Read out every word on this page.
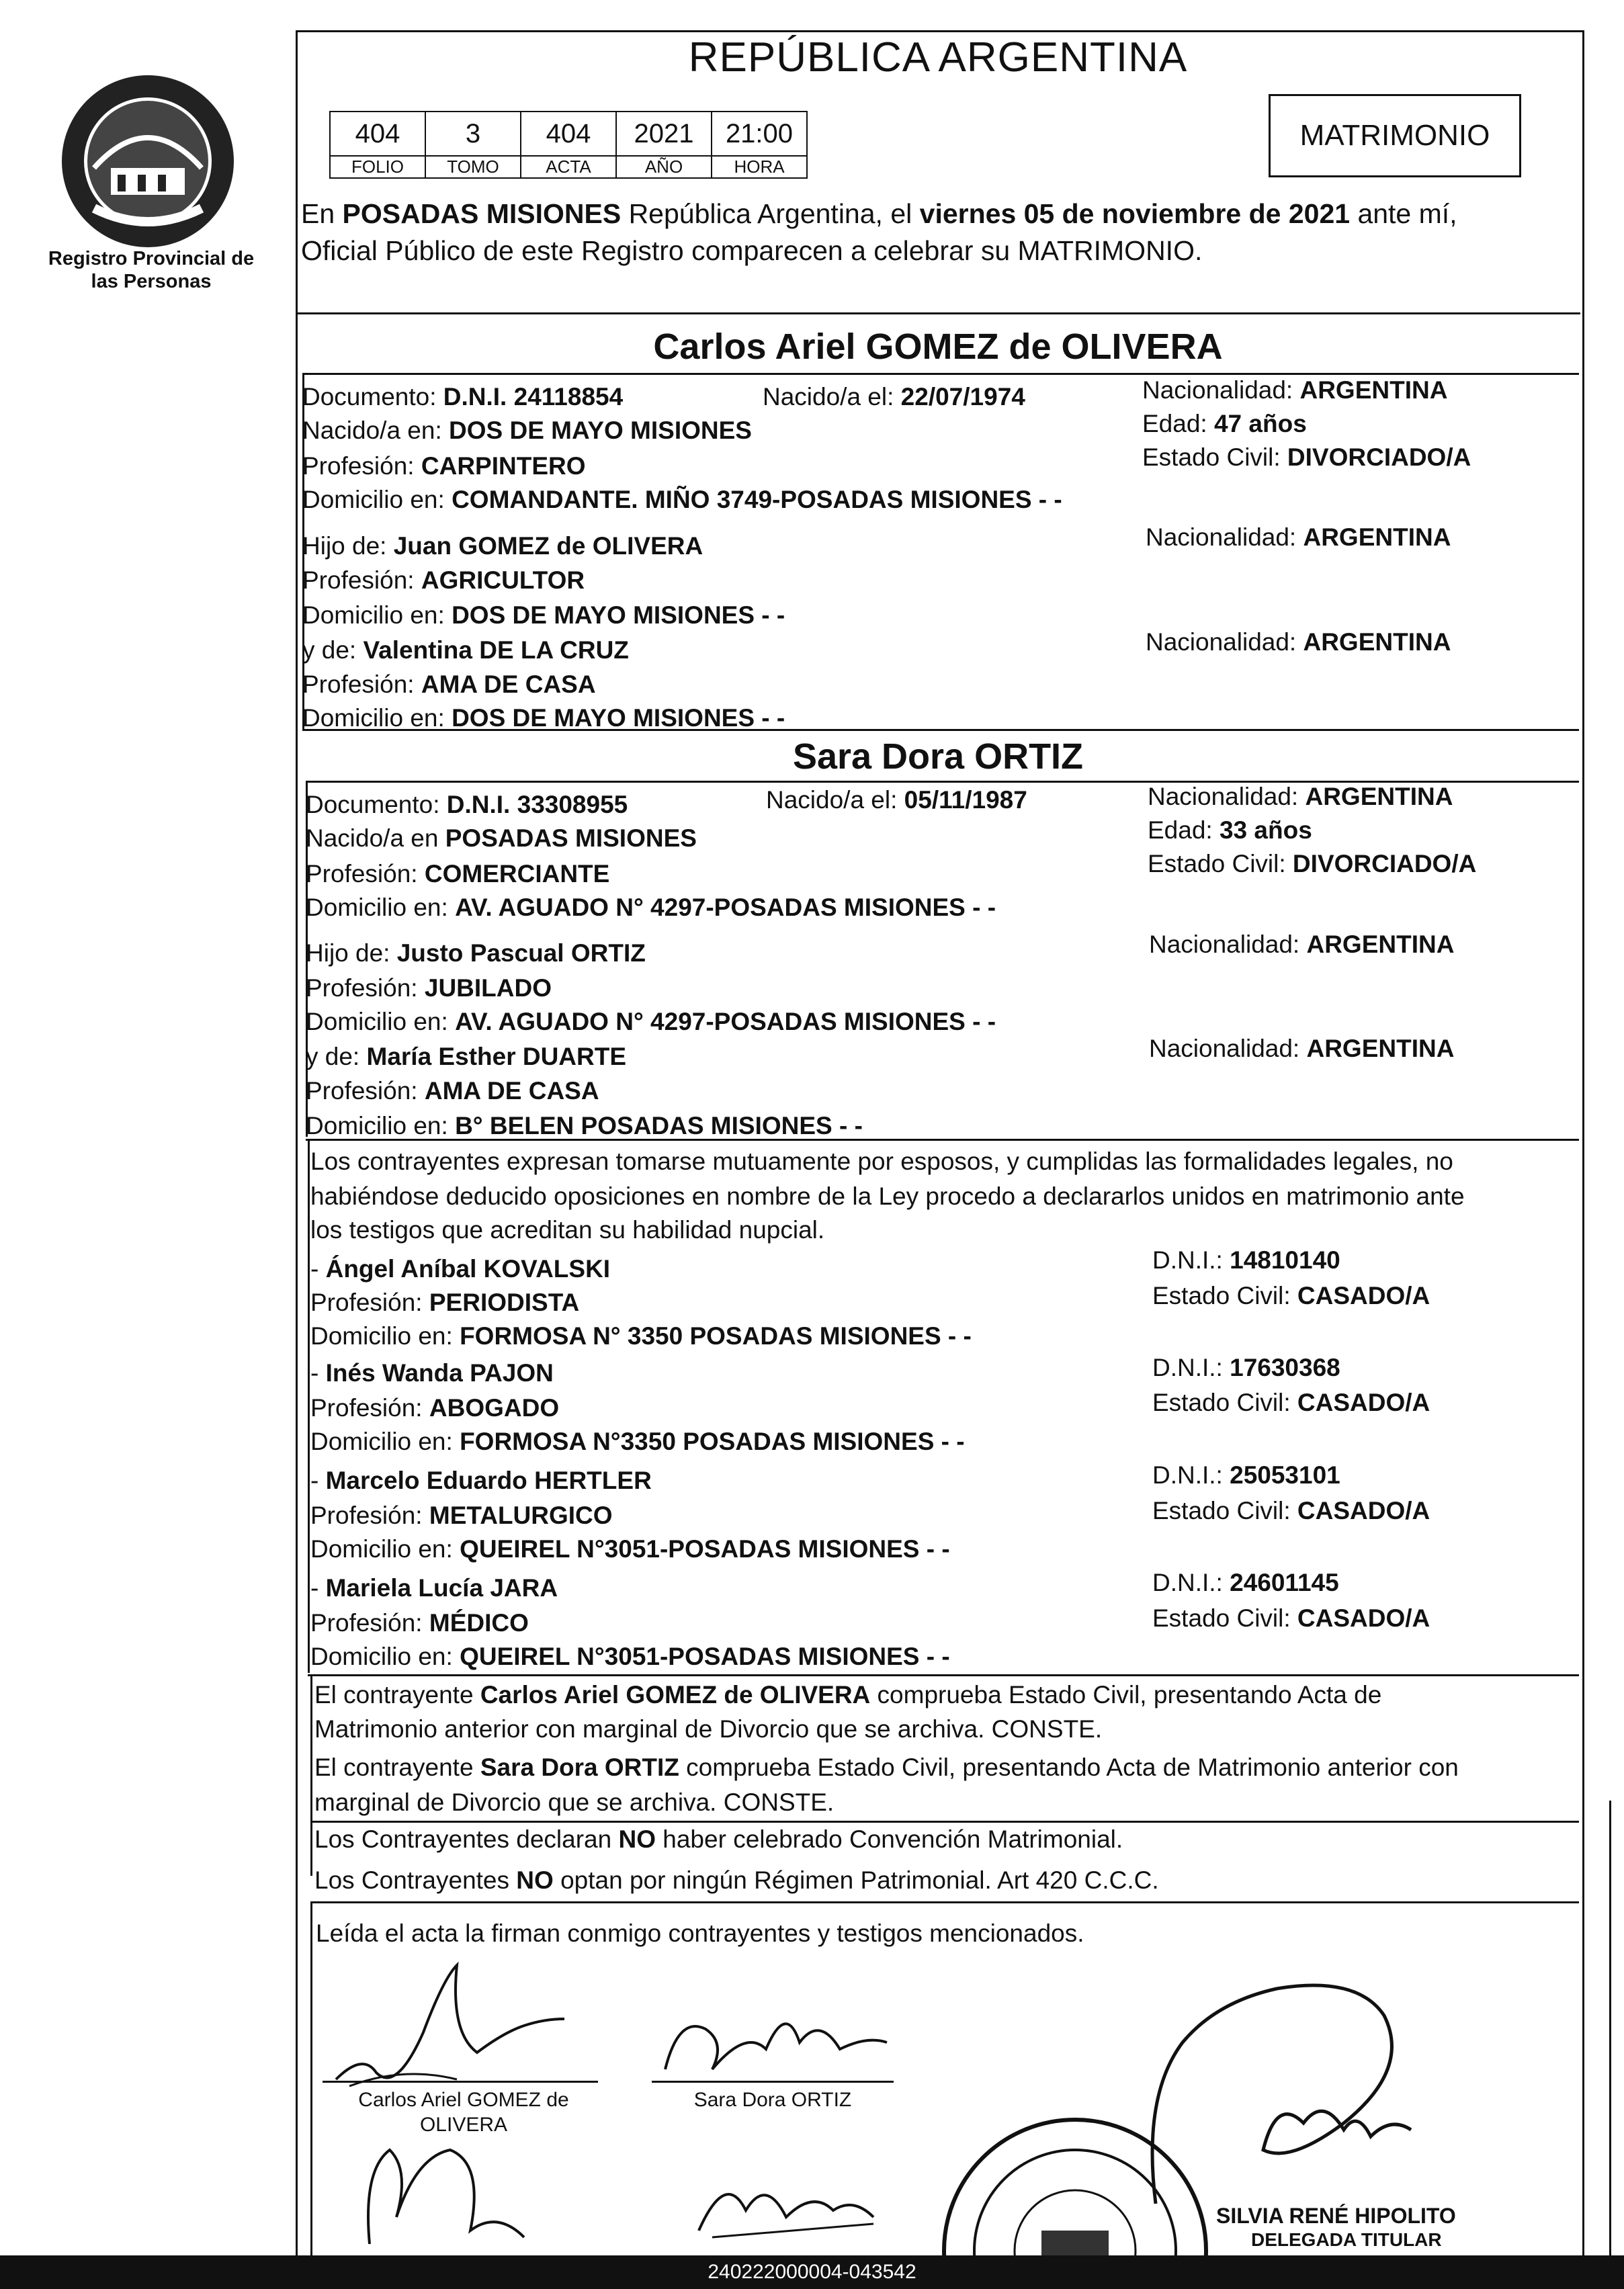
Registro Provincial de las Personas
REPÚBLICA ARGENTINA
404	3	404	2021	21:00
FOLIO	TOMO	ACTA	AÑO	HORA
MATRIMONIO
En POSADAS MISIONES República Argentina, el viernes 05 de noviembre de 2021 ante mí,
Oficial Público de este Registro comparecen a celebrar su MATRIMONIO.
Carlos Ariel GOMEZ de OLIVERA
Documento: D.N.I. 24118854	Nacido/a el: 22/07/1974	Nacionalidad: ARGENTINA
Nacido/a en: DOS DE MAYO MISIONES	Edad: 47 años
Profesión: CARPINTERO	Estado Civil: DIVORCIADO/A
Domicilio en: COMANDANTE. MIÑO 3749-POSADAS MISIONES - -
Hijo de: Juan GOMEZ de OLIVERA	Nacionalidad: ARGENTINA
Profesión: AGRICULTOR
Domicilio en: DOS DE MAYO MISIONES - -
y de: Valentina DE LA CRUZ	Nacionalidad: ARGENTINA
Profesión: AMA DE CASA
Domicilio en: DOS DE MAYO MISIONES - -
Sara Dora ORTIZ
Documento: D.N.I. 33308955	Nacido/a el: 05/11/1987	Nacionalidad: ARGENTINA
Nacido/a en POSADAS MISIONES	Edad: 33 años
Profesión: COMERCIANTE	Estado Civil: DIVORCIADO/A
Domicilio en: AV. AGUADO N° 4297-POSADAS MISIONES - -
Hijo de: Justo Pascual ORTIZ	Nacionalidad: ARGENTINA
Profesión: JUBILADO
Domicilio en: AV. AGUADO N° 4297-POSADAS MISIONES - -
y de: María Esther DUARTE	Nacionalidad: ARGENTINA
Profesión: AMA DE CASA
Domicilio en: B° BELEN POSADAS MISIONES - -
Los contrayentes expresan tomarse mutuamente por esposos, y cumplidas las formalidades legales, no
habiéndose deducido oposiciones en nombre de la Ley procedo a declararlos unidos en matrimonio ante
los testigos que acreditan su habilidad nupcial.
- Ángel Aníbal KOVALSKI	D.N.I.: 14810140
Profesión: PERIODISTA	Estado Civil: CASADO/A
Domicilio en: FORMOSA N° 3350 POSADAS MISIONES - -
- Inés Wanda PAJON	D.N.I.: 17630368
Profesión: ABOGADO	Estado Civil: CASADO/A
Domicilio en: FORMOSA N°3350 POSADAS MISIONES - -
- Marcelo Eduardo HERTLER	D.N.I.: 25053101
Profesión: METALURGICO	Estado Civil: CASADO/A
Domicilio en: QUEIREL N°3051-POSADAS MISIONES - -
- Mariela Lucía JARA	D.N.I.: 24601145
Profesión: MÉDICO	Estado Civil: CASADO/A
Domicilio en: QUEIREL N°3051-POSADAS MISIONES - -
El contrayente Carlos Ariel GOMEZ de OLIVERA comprueba Estado Civil, presentando Acta de
Matrimonio anterior con marginal de Divorcio que se archiva. CONSTE.
El contrayente Sara Dora ORTIZ comprueba Estado Civil, presentando Acta de Matrimonio anterior con
marginal de Divorcio que se archiva. CONSTE.
Los Contrayentes declaran NO haber celebrado Convención Matrimonial.
Los Contrayentes NO optan por ningún Régimen Patrimonial. Art 420 C.C.C.
Leída el acta la firman conmigo contrayentes y testigos mencionados.
Carlos Ariel GOMEZ de
OLIVERA
Sara Dora ORTIZ
SILVIA RENÉ HIPOLITO
DELEGADA TITULAR
240222000004-043542
